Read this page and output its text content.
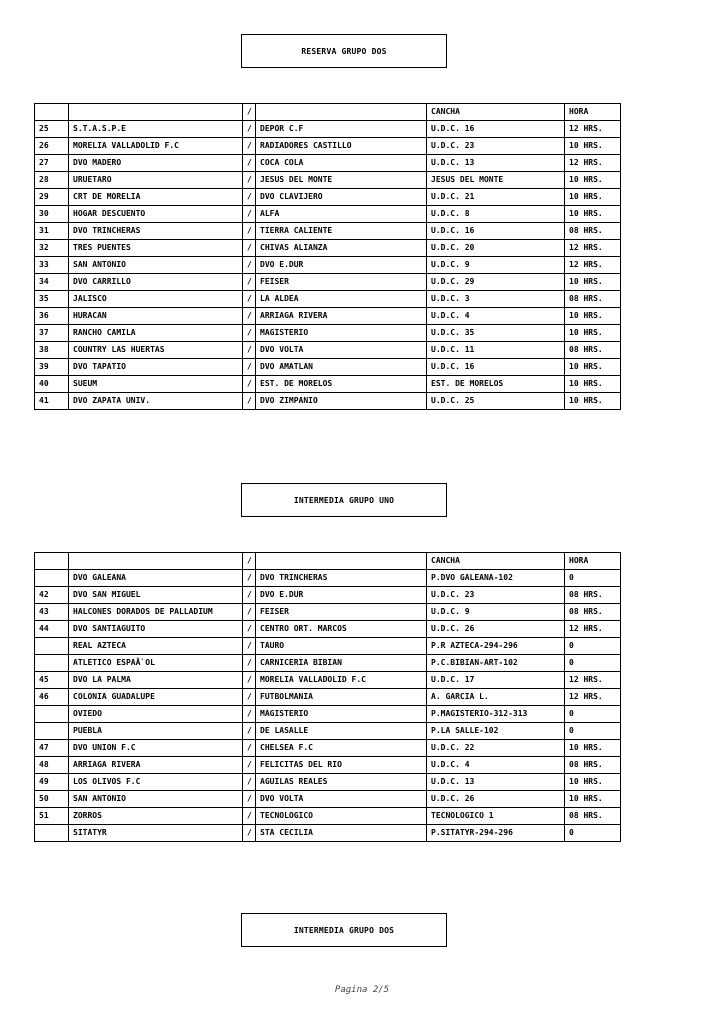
RESERVA GRUPO DOS
		/		CANCHA	HORA
25	S.T.A.S.P.E	/	DEPOR C.F	U.D.C. 16	12 HRS.
26	MORELIA VALLADOLID F.C	/	RADIADORES CASTILLO	U.D.C. 23	10 HRS.
27	DVO MADERO	/	COCA COLA	U.D.C. 13	12 HRS.
28	URUETARO	/	JESUS DEL MONTE	JESUS DEL MONTE	10 HRS.
29	CRT DE MORELIA	/	DVO CLAVIJERO	U.D.C. 21	10 HRS.
30	HOGAR DESCUENTO	/	ALFA	U.D.C. 8	10 HRS.
31	DVO TRINCHERAS	/	TIERRA CALIENTE	U.D.C. 16	08 HRS.
32	TRES PUENTES	/	CHIVAS ALIANZA	U.D.C. 20	12 HRS.
33	SAN ANTONIO	/	DVO E.DUR	U.D.C. 9	12 HRS.
34	DVO CARRILLO	/	FEISER	U.D.C. 29	10 HRS.
35	JALISCO	/	LA ALDEA	U.D.C. 3	08 HRS.
36	HURACAN	/	ARRIAGA RIVERA	U.D.C. 4	10 HRS.
37	RANCHO CAMILA	/	MAGISTERIO	U.D.C. 35	10 HRS.
38	COUNTRY LAS HUERTAS	/	DVO VOLTA	U.D.C. 11	08 HRS.
39	DVO TAPATIO	/	DVO AMATLAN	U.D.C. 16	10 HRS.
40	SUEUM	/	EST. DE MORELOS	EST. DE MORELOS	10 HRS.
41	DVO ZAPATA UNIV.	/	DVO ZIMPANIO	U.D.C. 25	10 HRS.
INTERMEDIA GRUPO UNO
		/		CANCHA	HORA
	DVO GALEANA	/	DVO TRINCHERAS	P.DVO GALEANA-102	0
42	DVO SAN MIGUEL	/	DVO E.DUR	U.D.C. 23	08 HRS.
43	HALCONES DORADOS DE PALLADIUM	/	FEISER	U.D.C. 9	08 HRS.
44	DVO SANTIAGUITO	/	CENTRO ORT. MARCOS	U.D.C. 26	12 HRS.
	REAL AZTECA	/	TAURO	P.R AZTECA-294-296	0
	ATLETICO ESPAÃ`OL	/	CARNICERIA BIBIAN	P.C.BIBIAN-ART-102	0
45	DVO LA PALMA	/	MORELIA VALLADOLID F.C	U.D.C. 17	12 HRS.
46	COLONIA GUADALUPE	/	FUTBOLMANIA	A. GARCIA L.	12 HRS.
	OVIEDO	/	MAGISTERIO	P.MAGISTERIO-312-313	0
	PUEBLA	/	DE LASALLE	P.LA SALLE-102	0
47	DVO UNION F.C	/	CHELSEA F.C	U.D.C. 22	10 HRS.
48	ARRIAGA RIVERA	/	FELICITAS DEL RIO	U.D.C. 4	08 HRS.
49	LOS OLIVOS F.C	/	AGUILAS REALES	U.D.C. 13	10 HRS.
50	SAN ANTONIO	/	DVO VOLTA	U.D.C. 26	10 HRS.
51	ZORROS	/	TECNOLOGICO	TECNOLOGICO 1	08 HRS.
	SITATYR	/	STA CECILIA	P.SITATYR-294-296	0
INTERMEDIA GRUPO DOS
Pagina 2/5
